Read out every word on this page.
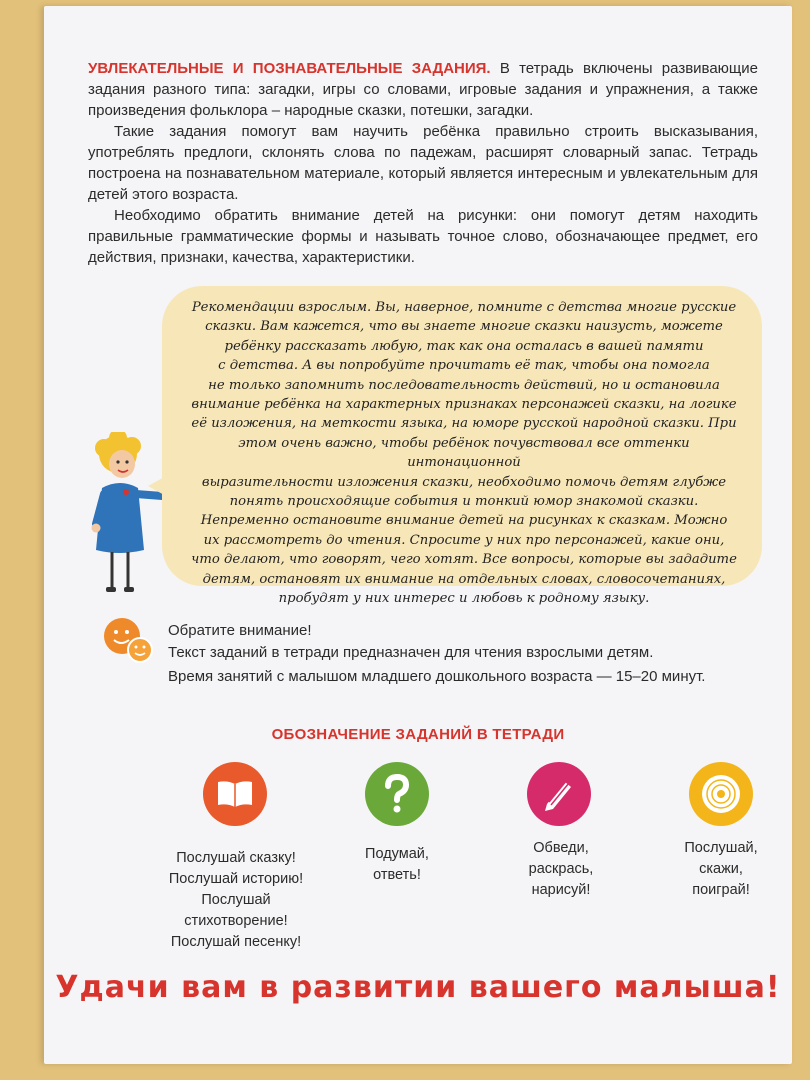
УВЛЕКАТЕЛЬНЫЕ И ПОЗНАВАТЕЛЬНЫЕ ЗАДАНИЯ. В тетрадь включены развивающие задания разного типа: загадки, игры со словами, игровые задания и упражнения, а также произведения фольклора – народные сказки, потешки, загадки.

Такие задания помогут вам научить ребёнка правильно строить высказывания, употреблять предлоги, склонять слова по падежам, расширят словарный запас. Тетрадь построена на познавательном материале, который является интересным и увлекательным для детей этого возраста.

Необходимо обратить внимание детей на рисунки: они помогут детям находить правильные грамматические формы и называть точное слово, обозначающее предмет, его действия, признаки, качества, характеристики.

Рекомендации взрослым. Вы, наверное, помните с детства многие русские
сказки. Вам кажется, что вы знаете многие сказки наизусть, можете
ребёнку рассказать любую, так как она осталась в вашей памяти
с детства. А вы попробуйте прочитать её так, чтобы она помогла
не только запомнить последовательность действий, но и остановила
внимание ребёнка на характерных признаках персонажей сказки, на логике
её изложения, на меткости языка, на юморе русской народной сказки. При
этом очень важно, чтобы ребёнок почувствовал все оттенки интонационной
выразительности изложения сказки, необходимо помочь детям глубже
понять происходящие события и тонкий юмор знакомой сказки.
Непременно остановите внимание детей на рисунках к сказкам. Можно
их рассмотреть до чтения. Спросите у них про персонажей, какие они,
что делают, что говорят, чего хотят. Все вопросы, которые вы зададите
детям, остановят их внимание на отдельных словах, словосочетаниях,
пробудят у них интерес и любовь к родному языку.
Обратите внимание!
Текст заданий в тетради предназначен для чтения взрослыми детям.
Время занятий с малышом младшего дошкольного возраста — 15–20 минут.
ОБОЗНАЧЕНИЕ ЗАДАНИЙ В ТЕТРАДИ
Послушай сказку!
Послушай историю!
Послушай стихотворение!
Послушай песенку!
Подумай,
ответь!
Обведи,
раскрась,
нарисуй!
Послушай,
скажи,
поиграй!
Удачи вам в развитии вашего малыша!
